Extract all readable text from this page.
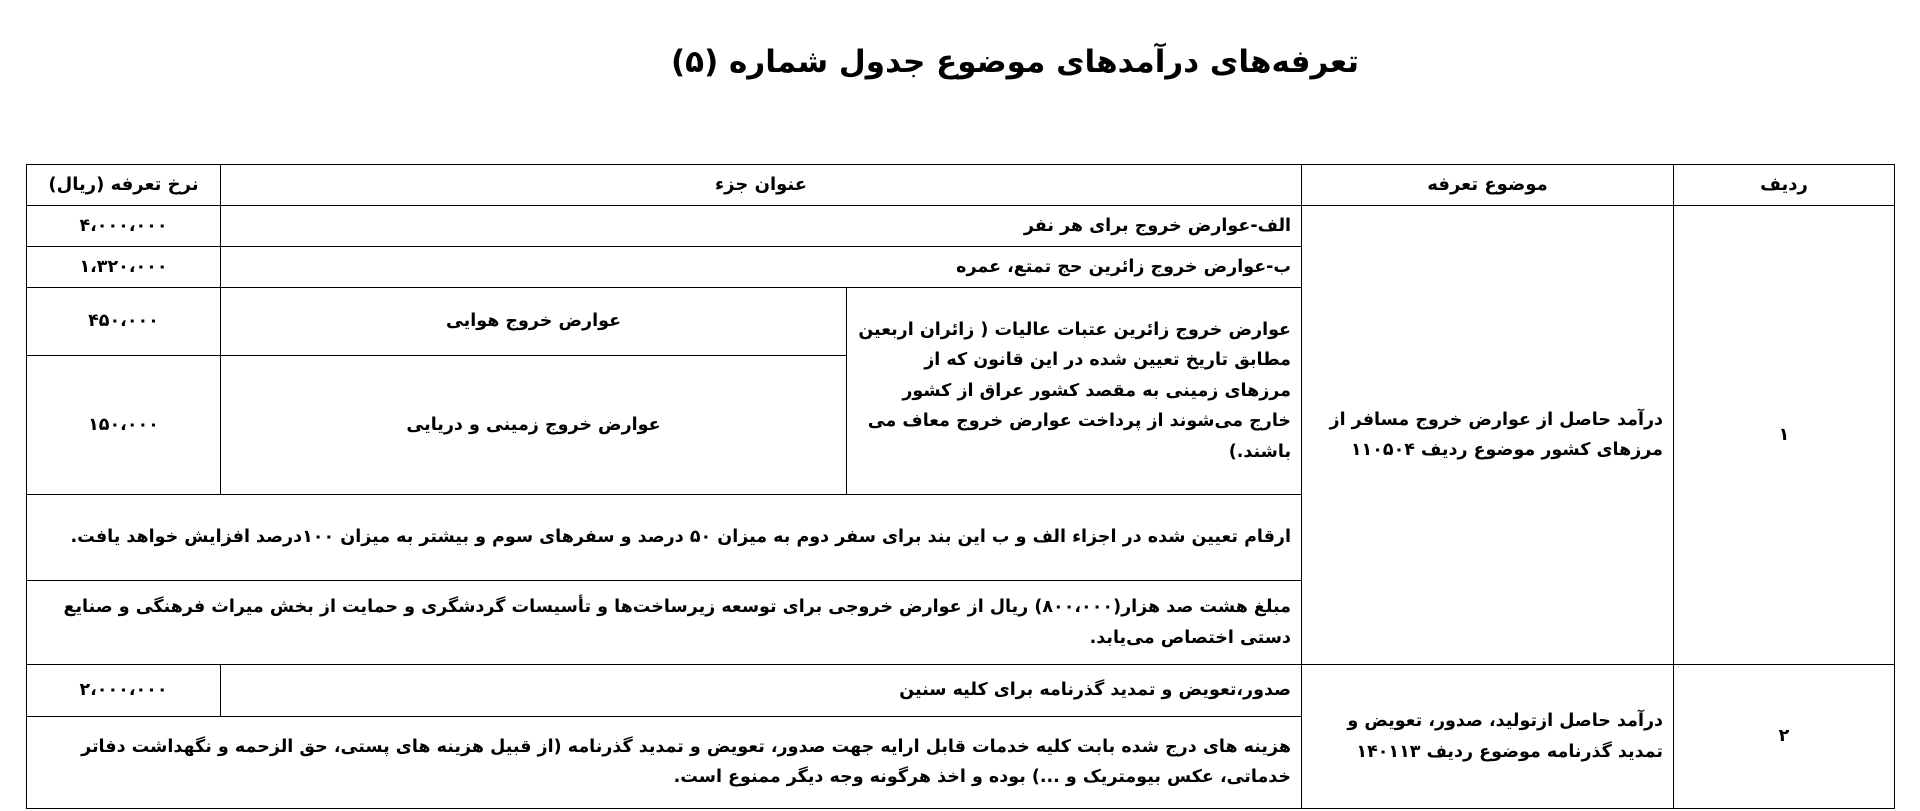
تعرفه‌های درآمدهای موضوع جدول شماره (۵)
ردیف	موضوع تعرفه	عنوان جزء		نرخ تعرفه (ریال)
۱	درآمد حاصل از عوارض خروج مسافر از مرزهای کشور موضوع ردیف ۱۱۰۵۰۴	الف-عوارض خروج برای هر نفر		۴،۰۰۰،۰۰۰
		ب-عوارض خروج زائرین حج تمتع، عمره		۱،۳۲۰،۰۰۰
		عوارض خروج زائرین عتبات عالیات ( زائران اربعین مطابق تاریخ تعیین شده در این قانون که از مرزهای زمینی به مقصد کشور عراق از کشور خارج می‌شوند از پرداخت عوارض خروج معاف می باشند.)	عوارض خروج هوایی	۴۵۰،۰۰۰
			عوارض خروج زمینی و دریایی	۱۵۰،۰۰۰
		ارقام تعیین شده در اجزاء الف و ب این بند برای سفر دوم به میزان ۵۰ درصد و سفرهای سوم و بیشتر به میزان ۱۰۰درصد افزایش خواهد یافت.		
		مبلغ هشت صد هزار(۸۰۰،۰۰۰) ریال از عوارض خروجی برای توسعه زیرساخت‌ها و تأسیسات گردشگری و حمایت از بخش میراث فرهنگی و صنایع دستی اختصاص می‌یابد.		
۲	درآمد حاصل ازتولید، صدور، تعویض و تمدید گذرنامه موضوع ردیف ۱۴۰۱۱۳	صدور،تعویض و تمدید گذرنامه برای کلیه سنین		۲،۰۰۰،۰۰۰
		هزینه های درج شده بابت کلیه خدمات قابل ارایه جهت صدور، تعویض و تمدید گذرنامه (از قبیل هزینه های پستی، حق الزحمه و نگهداشت دفاتر خدماتی، عکس بیومتریک و ...) بوده و اخذ هرگونه وجه دیگر ممنوع است.		
